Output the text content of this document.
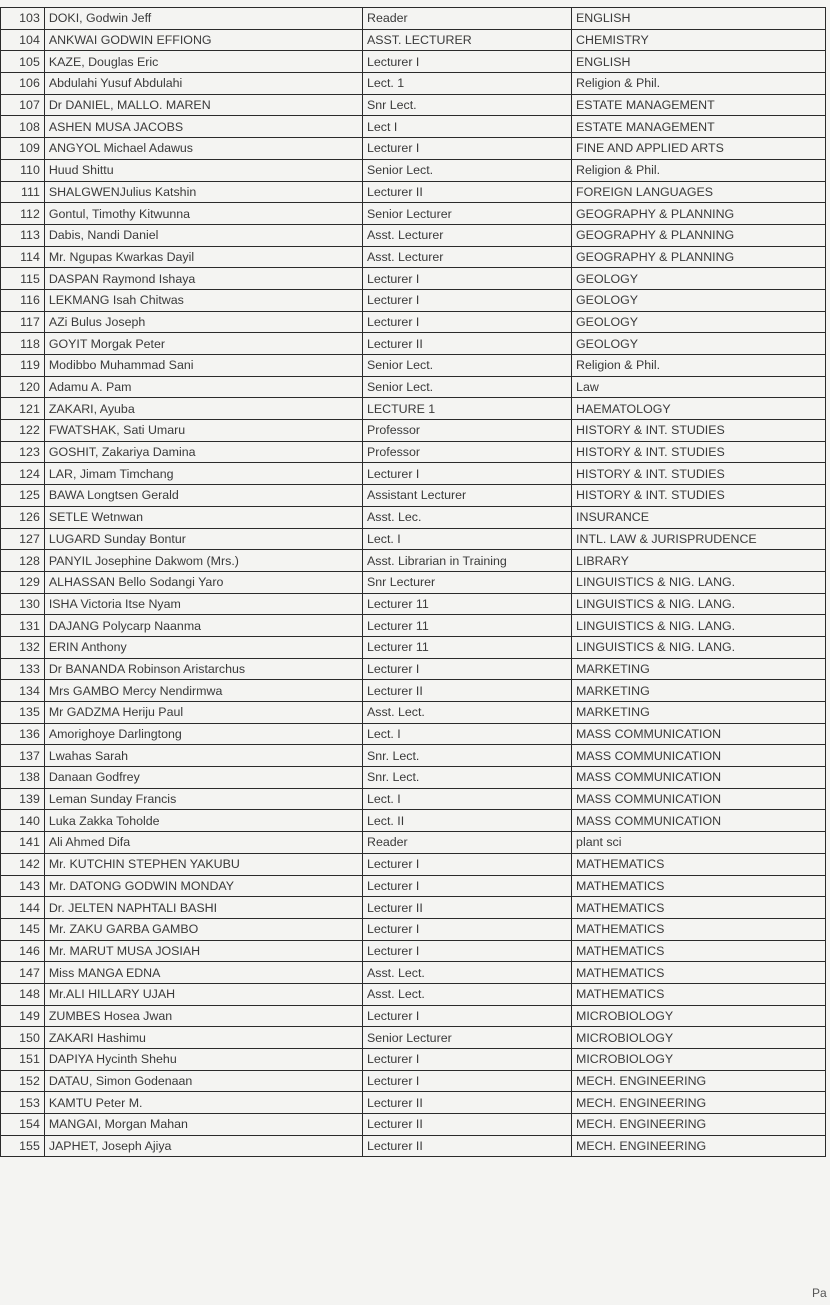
103	DOKI, Godwin Jeff	Reader	ENGLISH
104	ANKWAI GODWIN EFFIONG	ASST. LECTURER	CHEMISTRY
105	KAZE, Douglas Eric	Lecturer I	ENGLISH
106	Abdulahi Yusuf Abdulahi	Lect. 1	Religion & Phil.
107	Dr DANIEL, MALLO. MAREN	Snr Lect.	ESTATE MANAGEMENT
108	ASHEN MUSA JACOBS	Lect I	ESTATE MANAGEMENT
109	ANGYOL Michael Adawus	Lecturer I	FINE AND APPLIED ARTS
110	Huud Shittu	Senior Lect.	Religion & Phil.
111	SHALGWENJulius Katshin	Lecturer II	FOREIGN LANGUAGES
112	Gontul, Timothy Kitwunna	Senior Lecturer	GEOGRAPHY & PLANNING
113	Dabis, Nandi Daniel	Asst. Lecturer	GEOGRAPHY & PLANNING
114	Mr. Ngupas Kwarkas Dayil	Asst. Lecturer	GEOGRAPHY & PLANNING
115	DASPAN Raymond Ishaya	Lecturer I	GEOLOGY
116	LEKMANG Isah Chitwas	Lecturer I	GEOLOGY
117	AZi Bulus Joseph	Lecturer I	GEOLOGY
118	GOYIT Morgak Peter	Lecturer II	GEOLOGY
119	Modibbo Muhammad Sani	Senior Lect.	Religion & Phil.
120	Adamu A. Pam	Senior Lect.	Law
121	ZAKARI, Ayuba	LECTURE 1	HAEMATOLOGY
122	FWATSHAK, Sati Umaru	Professor	HISTORY & INT. STUDIES
123	GOSHIT, Zakariya Damina	Professor	HISTORY & INT. STUDIES
124	LAR, Jimam Timchang	Lecturer I	HISTORY & INT. STUDIES
125	BAWA Longtsen Gerald	Assistant Lecturer	HISTORY & INT. STUDIES
126	SETLE Wetnwan	Asst. Lec.	INSURANCE
127	LUGARD Sunday Bontur	Lect. I	INTL. LAW & JURISPRUDENCE
128	PANYIL Josephine Dakwom (Mrs.)	Asst. Librarian in Training	LIBRARY
129	ALHASSAN Bello Sodangi Yaro	Snr Lecturer	LINGUISTICS & NIG. LANG.
130	ISHA Victoria Itse Nyam	Lecturer 11	LINGUISTICS & NIG. LANG.
131	DAJANG Polycarp Naanma	Lecturer 11	LINGUISTICS & NIG. LANG.
132	ERIN Anthony	Lecturer 11	LINGUISTICS & NIG. LANG.
133	Dr BANANDA Robinson Aristarchus	Lecturer I	MARKETING
134	Mrs GAMBO Mercy Nendirmwa	Lecturer II	MARKETING
135	Mr GADZMA Heriju Paul	Asst. Lect.	MARKETING
136	Amorighoye Darlingtong	Lect. I	MASS COMMUNICATION
137	Lwahas Sarah	Snr. Lect.	MASS COMMUNICATION
138	Danaan Godfrey	Snr. Lect.	MASS COMMUNICATION
139	Leman Sunday Francis	Lect. I	MASS COMMUNICATION
140	Luka Zakka Toholde	Lect. II	MASS COMMUNICATION
141	Ali Ahmed Difa	Reader	plant sci
142	Mr. KUTCHIN STEPHEN YAKUBU	Lecturer I	MATHEMATICS
143	Mr. DATONG GODWIN MONDAY	Lecturer I	MATHEMATICS
144	Dr. JELTEN NAPHTALI BASHI	Lecturer II	MATHEMATICS
145	Mr. ZAKU GARBA GAMBO	Lecturer I	MATHEMATICS
146	Mr. MARUT MUSA JOSIAH	Lecturer I	MATHEMATICS
147	Miss MANGA EDNA	Asst. Lect.	MATHEMATICS
148	Mr.ALI HILLARY UJAH	Asst. Lect.	MATHEMATICS
149	ZUMBES Hosea Jwan	Lecturer I	MICROBIOLOGY
150	ZAKARI Hashimu	Senior Lecturer	MICROBIOLOGY
151	DAPIYA Hycinth Shehu	Lecturer I	MICROBIOLOGY
152	DATAU, Simon Godenaan	Lecturer I	MECH. ENGINEERING
153	KAMTU Peter M.	Lecturer II	MECH. ENGINEERING
154	MANGAI, Morgan Mahan	Lecturer II	MECH. ENGINEERING
155	JAPHET, Joseph Ajiya	Lecturer II	MECH. ENGINEERING
Pa
